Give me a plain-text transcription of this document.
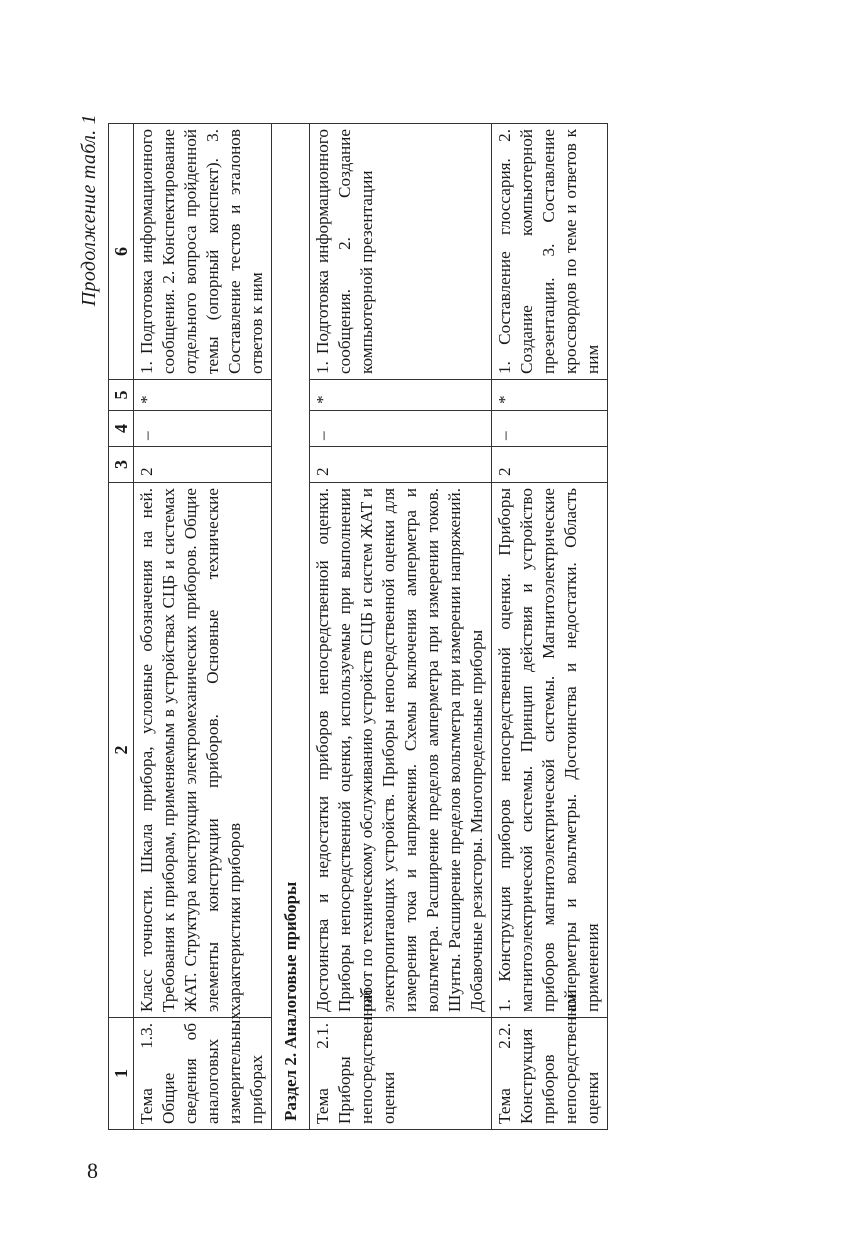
Продолжение табл. 1
1	2	3	4	5	6
Тема 1.3. Общие сведения об аналоговых измерительных приборах	Класс точности. Шкала прибора, условные обозначения на ней. Требования к приборам, применяемым в устройствах СЦБ и системах ЖАТ. Структура конструкции электромеханических приборов. Общие элементы конструкции приборов. Основные технические характеристики приборов	2	–	*	1. Подготовка информационного сообщения. 2. Конспектирование отдельного вопроса пройденной темы (опорный конспект). 3. Составление тестов и эталонов ответов к ним
Раздел 2. Аналоговые приборы					
Тема 2.1. Приборы непосредственной оценки	Достоинства и недостатки приборов непосредственной оценки. Приборы непосредственной оценки, используемые при выполнении работ по техническому обслуживанию устройств СЦБ и систем ЖАТ и электропитающих устройств. Приборы непосредственной оценки для измерения тока и напряжения. Схемы включения амперметра и вольтметра. Расширение пределов амперметра при измерении токов. Шунты. Расширение пределов вольтметра при измерении напряжений. Добавочные резисторы. Многопредельные приборы	2	–	*	1. Подготовка информационного сообщения. 2. Создание компьютерной презентации
Тема 2.2. Конструкция приборов непосредственной оценки	1. Конструкция приборов непосредственной оценки. Приборы магнитоэлектрической системы. Принцип действия и устройство приборов магнитоэлектрической системы. Магнитоэлектрические амперметры и вольтметры. Достоинства и недостатки. Область применения	2	–	*	1. Составление глоссария. 2. Создание компьютерной презентации. 3. Составление кроссвордов по теме и ответов к ним
8
